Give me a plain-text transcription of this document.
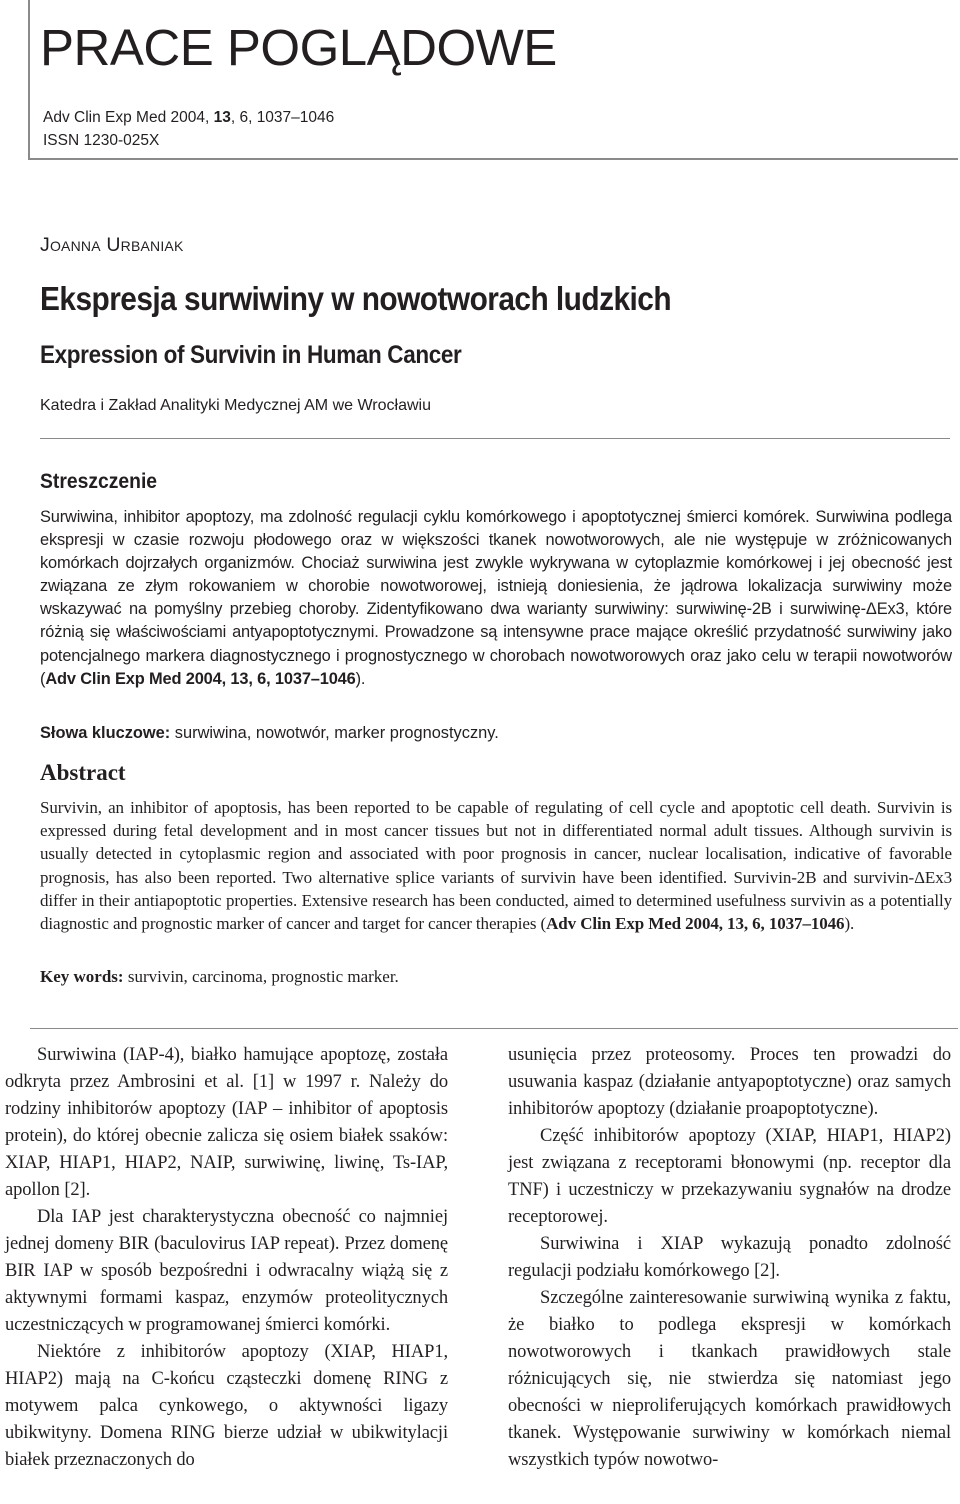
PRACE POGLĄDOWE
Adv Clin Exp Med 2004, 13, 6, 1037–1046
ISSN 1230-025X
Joanna Urbaniak
Ekspresja surwiwiny w nowotworach ludzkich
Expression of Survivin in Human Cancer
Katedra i Zakład Analityki Medycznej AM we Wrocławiu
Streszczenie

Surwiwina, inhibitor apoptozy, ma zdolność regulacji cyklu komórkowego i apoptotycznej śmierci komórek. Surwiwina podlega ekspresji w czasie rozwoju płodowego oraz w większości tkanek nowotworowych, ale nie występuje w zróżnicowanych komórkach dojrzałych organizmów. Chociaż surwiwina jest zwykle wykrywana w cytoplazmie komórkowej i jej obecność jest związana ze złym rokowaniem w chorobie nowotworowej, istnieją doniesienia, że jądrowa lokalizacja surwiwiny może wskazywać na pomyślny przebieg choroby. Zidentyfikowano dwa warianty surwiwiny: surwiwinę-2B i surwiwinę-ΔEx3, które różnią się właściwościami antyapoptotycznymi. Prowadzone są intensywne prace mające określić przydatność surwiwiny jako potencjalnego markera diagnostycznego i prognostycznego w chorobach nowotworowych oraz jako celu w terapii nowotworów (Adv Clin Exp Med 2004, 13, 6, 1037–1046).

Słowa kluczowe: surwiwina, nowotwór, marker prognostyczny.
Abstract

Survivin, an inhibitor of apoptosis, has been reported to be capable of regulating of cell cycle and apoptotic cell death. Survivin is expressed during fetal development and in most cancer tissues but not in differentiated normal adult tissues. Although survivin is usually detected in cytoplasmic region and associated with poor prognosis in cancer, nuclear localisation, indicative of favorable prognosis, has also been reported. Two alternative splice variants of survivin have been identified. Survivin-2B and survivin-ΔEx3 differ in their antiapoptotic properties. Extensive research has been conducted, aimed to determined usefulness survivin as a potentially diagnostic and prognostic marker of cancer and target for cancer therapies (Adv Clin Exp Med 2004, 13, 6, 1037–1046).

Key words: survivin, carcinoma, prognostic marker.

Surwiwina (IAP-4), białko hamujące apoptozę, została odkryta przez Ambrosini et al. [1] w 1997 r. Należy do rodziny inhibitorów apoptozy (IAP – inhibitor of apoptosis protein), do której obecnie zalicza się osiem białek ssaków: XIAP, HIAP1, HIAP2, NAIP, surwiwinę, liwinę, Ts-IAP, apollon [2].

Dla IAP jest charakterystyczna obecność co najmniej jednej domeny BIR (baculovirus IAP repeat). Przez domenę BIR IAP w sposób bezpośredni i odwracalny wiążą się z aktywnymi formami kaspaz, enzymów proteolitycznych uczestniczących w programowanej śmierci komórki.

Niektóre z inhibitorów apoptozy (XIAP, HIAP1, HIAP2) mają na C-końcu cząsteczki domenę RING z motywem palca cynkowego, o aktywności ligazy ubikwityny. Domena RING bierze udział w ubikwitylacji białek przeznaczonych do

usunięcia przez proteosomy. Proces ten prowadzi do usuwania kaspaz (działanie antyapoptotyczne) oraz samych inhibitorów apoptozy (działanie proapoptotyczne).

Część inhibitorów apoptozy (XIAP, HIAP1, HIAP2) jest związana z receptorami błonowymi (np. receptor dla TNF) i uczestniczy w przekazywaniu sygnałów na drodze receptorowej.

Surwiwina i XIAP wykazują ponadto zdolność regulacji podziału komórkowego [2].

Szczególne zainteresowanie surwiwiną wynika z faktu, że białko to podlega ekspresji w komórkach nowotworowych i tkankach prawidłowych stale różnicujących się, nie stwierdza się natomiast jego obecności w nieproliferujących komórkach prawidłowych tkanek. Występowanie surwiwiny w komórkach niemal wszystkich typów nowotwo-
